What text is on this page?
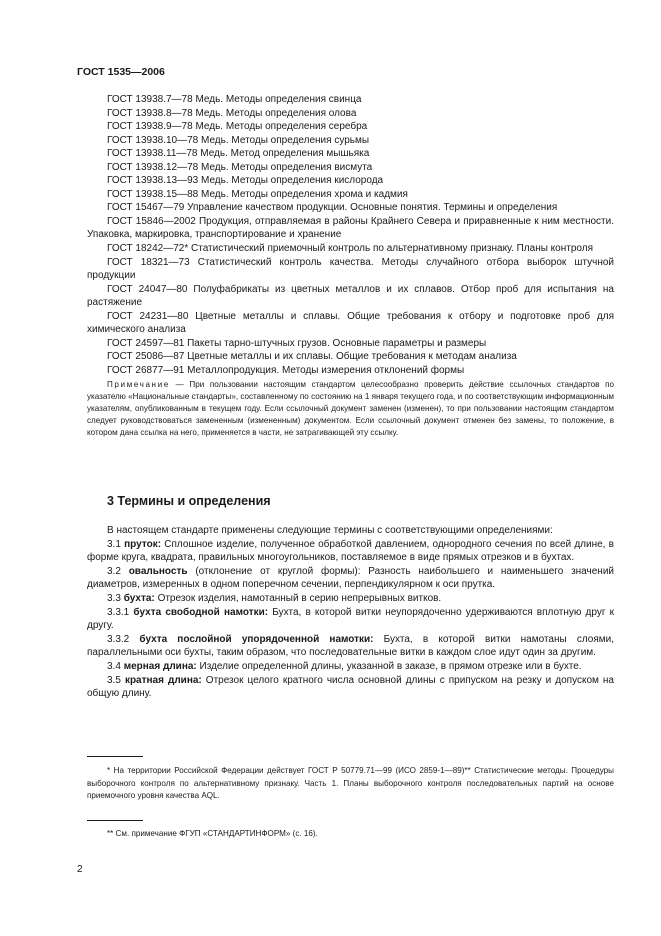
ГОСТ 1535—2006
ГОСТ 13938.7—78 Медь. Методы определения свинца
ГОСТ 13938.8—78 Медь. Методы определения олова
ГОСТ 13938.9—78 Медь. Методы определения серебра
ГОСТ 13938.10—78 Медь. Методы определения сурьмы
ГОСТ 13938.11—78 Медь. Метод определения мышьяка
ГОСТ 13938.12—78 Медь. Методы определения висмута
ГОСТ 13938.13—93 Медь. Методы определения кислорода
ГОСТ 13938.15—88 Медь. Методы определения хрома и кадмия
ГОСТ 15467—79 Управление качеством продукции. Основные понятия. Термины и определения
ГОСТ 15846—2002 Продукция, отправляемая в районы Крайнего Севера и приравненные к ним местности. Упаковка, маркировка, транспортирование и хранение
ГОСТ 18242—72* Статистический приемочный контроль по альтернативному признаку. Планы контроля
ГОСТ 18321—73 Статистический контроль качества. Методы случайного отбора выборок штучной продукции
ГОСТ 24047—80 Полуфабрикаты из цветных металлов и их сплавов. Отбор проб для испытания на растяжение
ГОСТ 24231—80 Цветные металлы и сплавы. Общие требования к отбору и подготовке проб для химического анализа
ГОСТ 24597—81 Пакеты тарно-штучных грузов. Основные параметры и размеры
ГОСТ 25086—87 Цветные металлы и их сплавы. Общие требования к методам анализа
ГОСТ 26877—91 Металлопродукция. Методы измерения отклонений формы
Примечание — При пользовании настоящим стандартом целесообразно проверить действие ссылочных стандартов по указателю «Национальные стандарты», составленному по состоянию на 1 января текущего года, и по соответствующим информационным указателям, опубликованным в текущем году. Если ссылочный документ заменен (изменен), то при пользовании настоящим стандартом следует руководствоваться замененным (измененным) документом. Если ссылочный документ отменен без замены, то положение, в котором дана ссылка на него, применяется в части, не затрагивающей эту ссылку.
3 Термины и определения
В настоящем стандарте применены следующие термины с соответствующими определениями:
3.1 пруток: Сплошное изделие, полученное обработкой давлением, однородного сечения по всей длине, в форме круга, квадрата, правильных многоугольников, поставляемое в виде прямых отрезков и в бухтах.
3.2 овальность (отклонение от круглой формы): Разность наибольшего и наименьшего значений диаметров, измеренных в одном поперечном сечении, перпендикулярном к оси прутка.
3.3 бухта: Отрезок изделия, намотанный в серию непрерывных витков.
3.3.1 бухта свободной намотки: Бухта, в которой витки неупорядоченно удерживаются вплотную друг к другу.
3.3.2 бухта послойной упорядоченной намотки: Бухта, в которой витки намотаны слоями, параллельными оси бухты, таким образом, что последовательные витки в каждом слое идут один за другим.
3.4 мерная длина: Изделие определенной длины, указанной в заказе, в прямом отрезке или в бухте.
3.5 кратная длина: Отрезок целого кратного числа основной длины с припуском на резку и допуском на общую длину.
* На территории Российской Федерации действует ГОСТ Р 50779.71—99 (ИСО 2859-1—89)** Статистические методы. Процедуры выборочного контроля по альтернативному признаку. Часть 1. Планы выборочного контроля последовательных партий на основе приемочного уровня качества AQL.
** См. примечание ФГУП «СТАНДАРТИНФОРМ» (с. 16).
2
